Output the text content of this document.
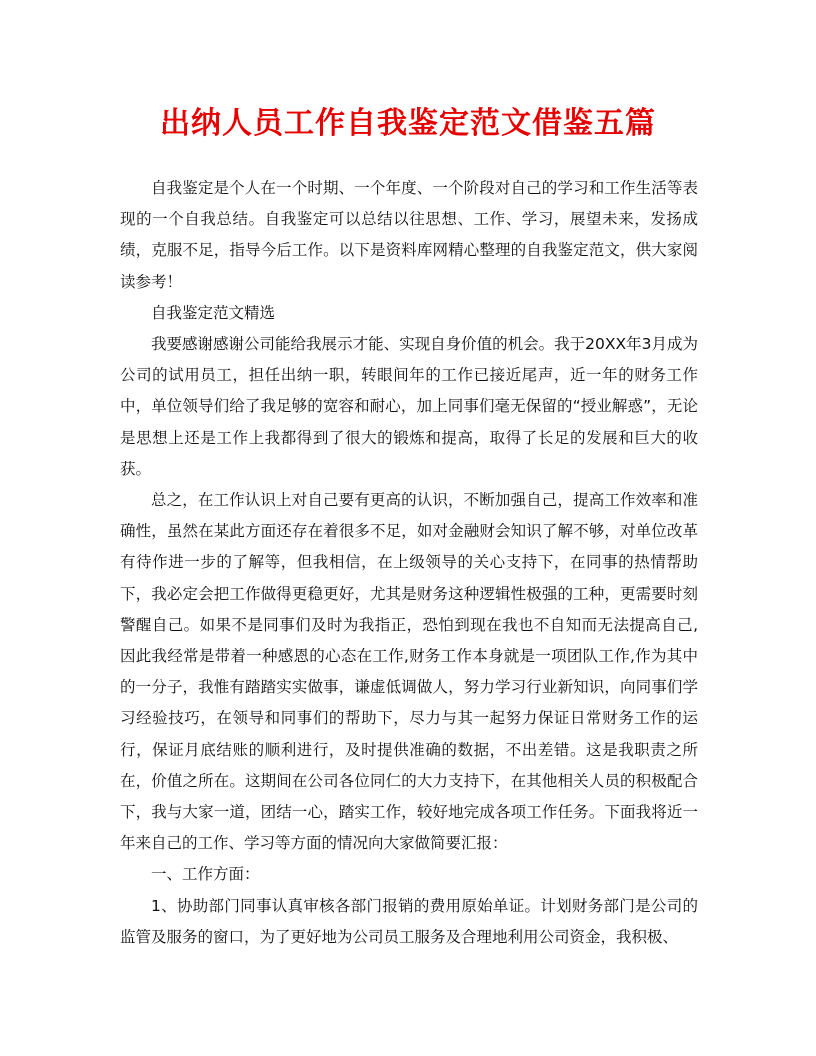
出纳人员工作自我鉴定范文借鉴五篇

自我鉴定是个人在一个时期、一个年度、一个阶段对自己的学习和工作生活等表现的一个自我总结。自我鉴定可以总结以往思想、工作、学习，展望未来，发扬成绩，克服不足，指导今后工作。以下是资料库网精心整理的自我鉴定范文，供大家阅读参考！

自我鉴定范文精选

我要感谢感谢公司能给我展示才能、实现自身价值的机会。我于20XX年3月成为公司的试用员工，担任出纳一职，转眼间年的工作已接近尾声，近一年的财务工作中，单位领导们给了我足够的宽容和耐心，加上同事们毫无保留的“授业解惑”，无论是思想上还是工作上我都得到了很大的锻炼和提高，取得了长足的发展和巨大的收获。

总之，在工作认识上对自己要有更高的认识，不断加强自己，提高工作效率和准确性，虽然在某此方面还存在着很多不足，如对金融财会知识了解不够，对单位改革有待作进一步的了解等，但我相信，在上级领导的关心支持下，在同事的热情帮助下，我必定会把工作做得更稳更好，尤其是财务这种逻辑性极强的工种，更需要时刻警醒自己。如果不是同事们及时为我指正，恐怕到现在我也不自知而无法提高自己,因此我经常是带着一种感恩的心态在工作,财务工作本身就是一项团队工作,作为其中的一分子，我惟有踏踏实实做事，谦虚低调做人，努力学习行业新知识，向同事们学习经验技巧，在领导和同事们的帮助下，尽力与其一起努力保证日常财务工作的运行，保证月底结账的顺利进行，及时提供准确的数据，不出差错。这是我职责之所在，价值之所在。这期间在公司各位同仁的大力支持下，在其他相关人员的积极配合下，我与大家一道，团结一心，踏实工作，较好地完成各项工作任务。下面我将近一年来自己的工作、学习等方面的情况向大家做简要汇报：

一、工作方面：

1、协助部门同事认真审核各部门报销的费用原始单证。计划财务部门是公司的监管及服务的窗口，为了更好地为公司员工服务及合理地利用公司资金，我积极、
